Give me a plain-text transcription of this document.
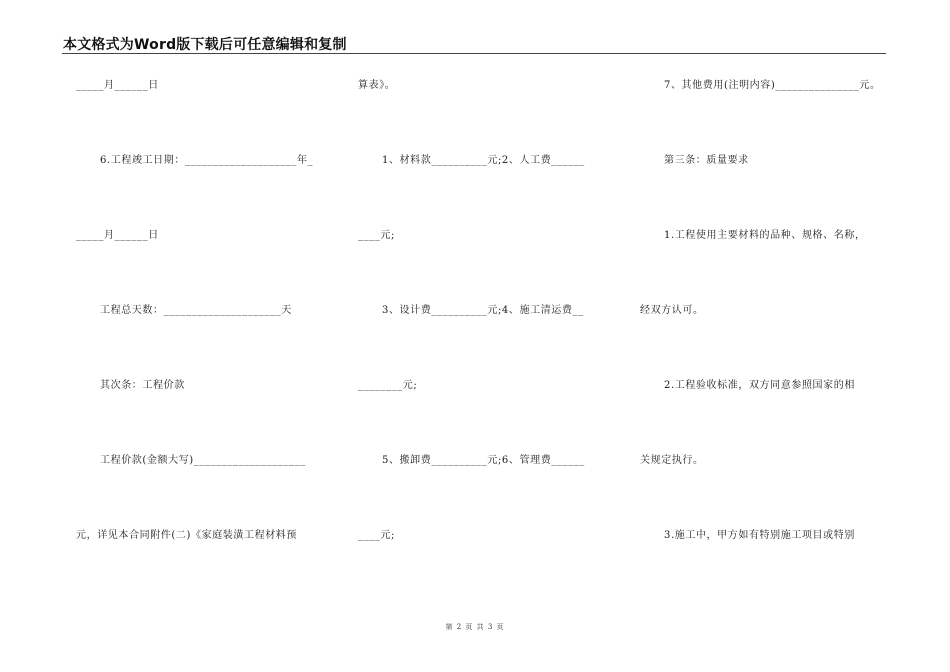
本文格式为Word版下载后可任意编辑和复制
_____月______日
6.工程竣工日期：____________________年_
_____月______日
工程总天数：_____________________天
其次条：工程价款
工程价款(金额大写)____________________
元，详见本合同附件(二)《家庭装潢工程材料预
算表》。
1、材料款__________元;2、人工费______
____元;
3、设计费__________元;4、施工清运费__
________元;
5、搬卸费__________元;6、管理费______
____元;
7、其他费用(注明内容)_______________元。
第三条：质量要求
1.工程使用主要材料的品种、规格、名称，
经双方认可。
2.工程验收标准，双方同意参照国家的相
关规定执行。
3.施工中，甲方如有特别施工项目或特别
第 2 页 共 3 页
